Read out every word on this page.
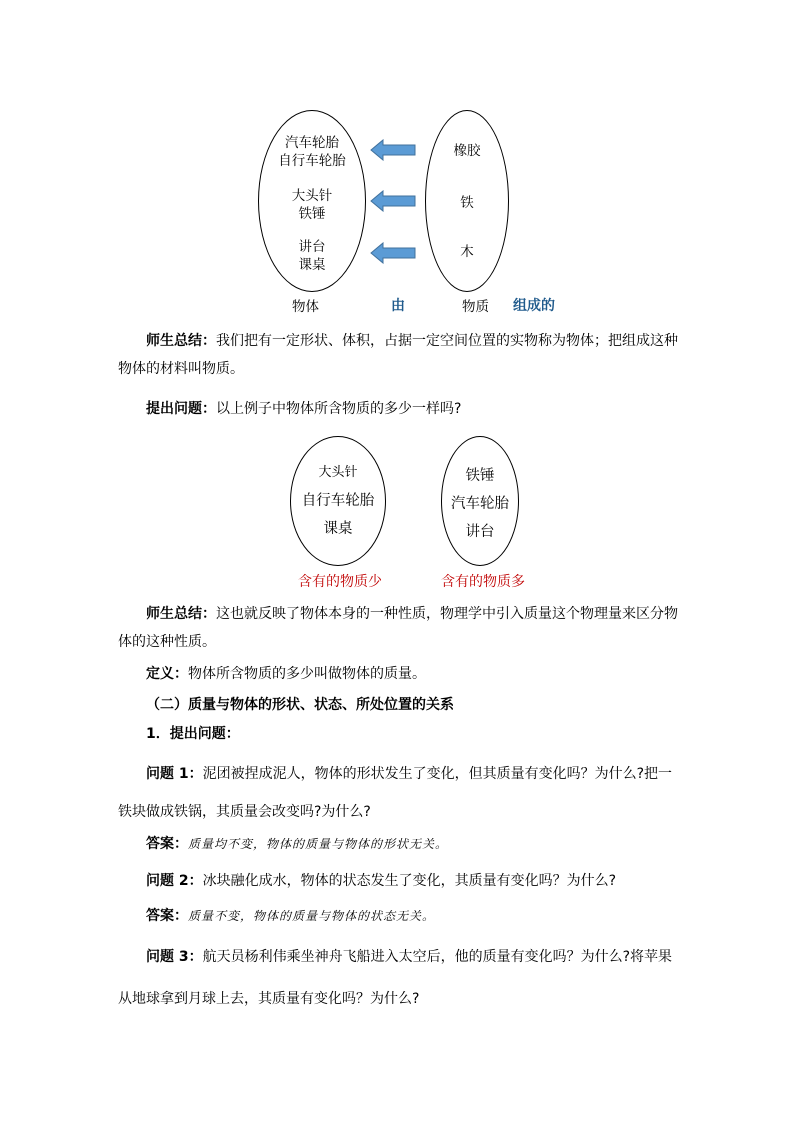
汽车轮胎
自行车轮胎
大头针
铁锤
讲台
课桌
橡胶
铁
木
物体	由	物质 组成的
师生总结：我们把有一定形状、体积，占据一定空间位置的实物称为物体；把组成这种物体的材料叫物质。
提出问题：以上例子中物体所含物质的多少一样吗?
大头针
自行车轮胎
课桌
铁锤
汽车轮胎
讲台
含有的物质少	含有的物质多
师生总结：这也就反映了物体本身的一种性质，物理学中引入质量这个物理量来区分物体的这种性质。
定义：物体所含物质的多少叫做物体的质量。
（二）质量与物体的形状、状态、所处位置的关系
1．提出问题：
问题 1：泥团被捏成泥人，物体的形状发生了变化，但其质量有变化吗？为什么?把一铁块做成铁锅，其质量会改变吗?为什么?
答案：质量均不变，物体的质量与物体的形状无关。
问题 2：冰块融化成水，物体的状态发生了变化，其质量有变化吗？为什么?
答案：质量不变，物体的质量与物体的状态无关。
问题 3：航天员杨利伟乘坐神舟飞船进入太空后，他的质量有变化吗？为什么?将苹果从地球拿到月球上去，其质量有变化吗？为什么?
